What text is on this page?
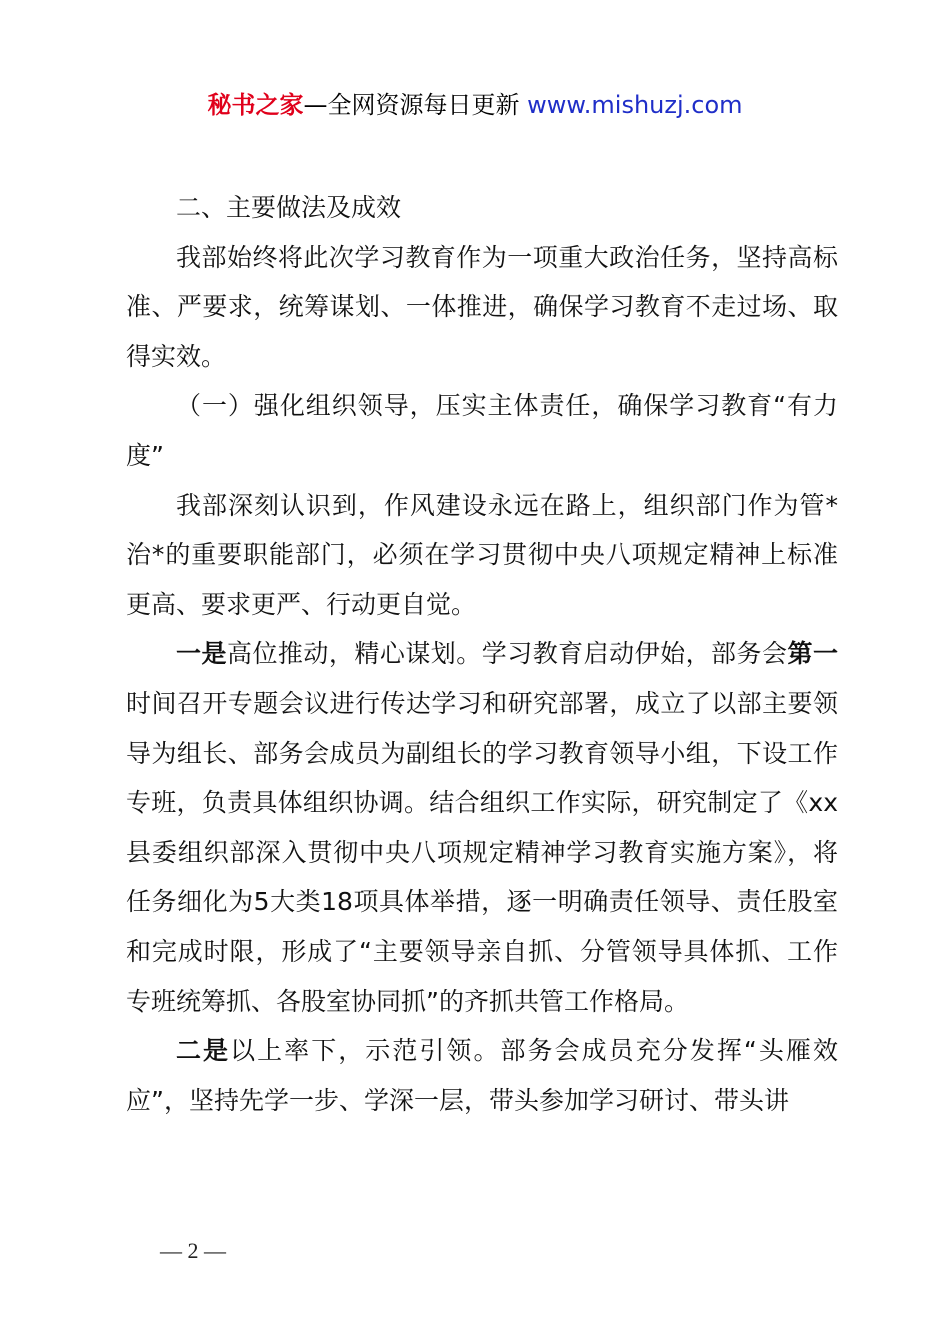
秘书之家—全网资源每日更新 www.mishuzj.com

二、主要做法及成效

我部始终将此次学习教育作为一项重大政治任务，坚持高标准、严要求，统筹谋划、一体推进，确保学习教育不走过场、取得实效。

（一）强化组织领导，压实主体责任，确保学习教育“有力度”

我部深刻认识到，作风建设永远在路上，组织部门作为管*治*的重要职能部门，必须在学习贯彻中央八项规定精神上标准更高、要求更严、行动更自觉。

一是高位推动，精心谋划。学习教育启动伊始，部务会第一时间召开专题会议进行传达学习和研究部署，成立了以部主要领导为组长、部务会成员为副组长的学习教育领导小组，下设工作专班，负责具体组织协调。结合组织工作实际，研究制定了《xx县委组织部深入贯彻中央八项规定精神学习教育实施方案》，将任务细化为5大类18项具体举措，逐一明确责任领导、责任股室和完成时限，形成了“主要领导亲自抓、分管领导具体抓、工作专班统筹抓、各股室协同抓”的齐抓共管工作格局。

二是以上率下，示范引领。部务会成员充分发挥“头雁效应”，坚持先学一步、学深一层，带头参加学习研讨、带头讲

— 2 —
